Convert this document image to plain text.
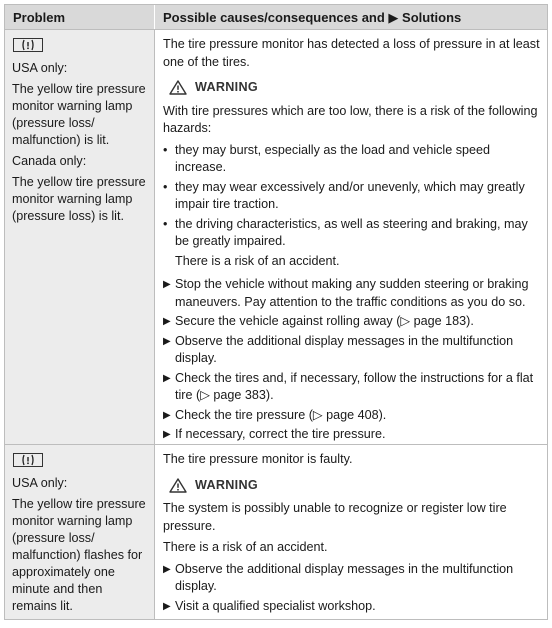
Problem	Possible causes/consequences and ▶ Solutions
USA only:
The yellow tire pressure monitor warning lamp (pressure loss/ malfunction) is lit.
Canada only:
The yellow tire pressure monitor warning lamp (pressure loss) is lit.
The tire pressure monitor has detected a loss of pressure in at least one of the tires.
WARNING
With tire pressures which are too low, there is a risk of the following hazards:
• they may burst, especially as the load and vehicle speed increase.
• they may wear excessively and/or unevenly, which may greatly impair tire traction.
• the driving characteristics, as well as steering and braking, may be greatly impaired.
There is a risk of an accident.
▶ Stop the vehicle without making any sudden steering or braking maneuvers. Pay attention to the traffic conditions as you do so.
▶ Secure the vehicle against rolling away (▷ page 183).
▶ Observe the additional display messages in the multifunction display.
▶ Check the tires and, if necessary, follow the instructions for a flat tire (▷ page 383).
▶ Check the tire pressure (▷ page 408).
▶ If necessary, correct the tire pressure.
USA only:
The yellow tire pressure monitor warning lamp (pressure loss/ malfunction) flashes for approximately one minute and then remains lit.
The tire pressure monitor is faulty.
WARNING
The system is possibly unable to recognize or register low tire pressure.
There is a risk of an accident.
▶ Observe the additional display messages in the multifunction display.
▶ Visit a qualified specialist workshop.
